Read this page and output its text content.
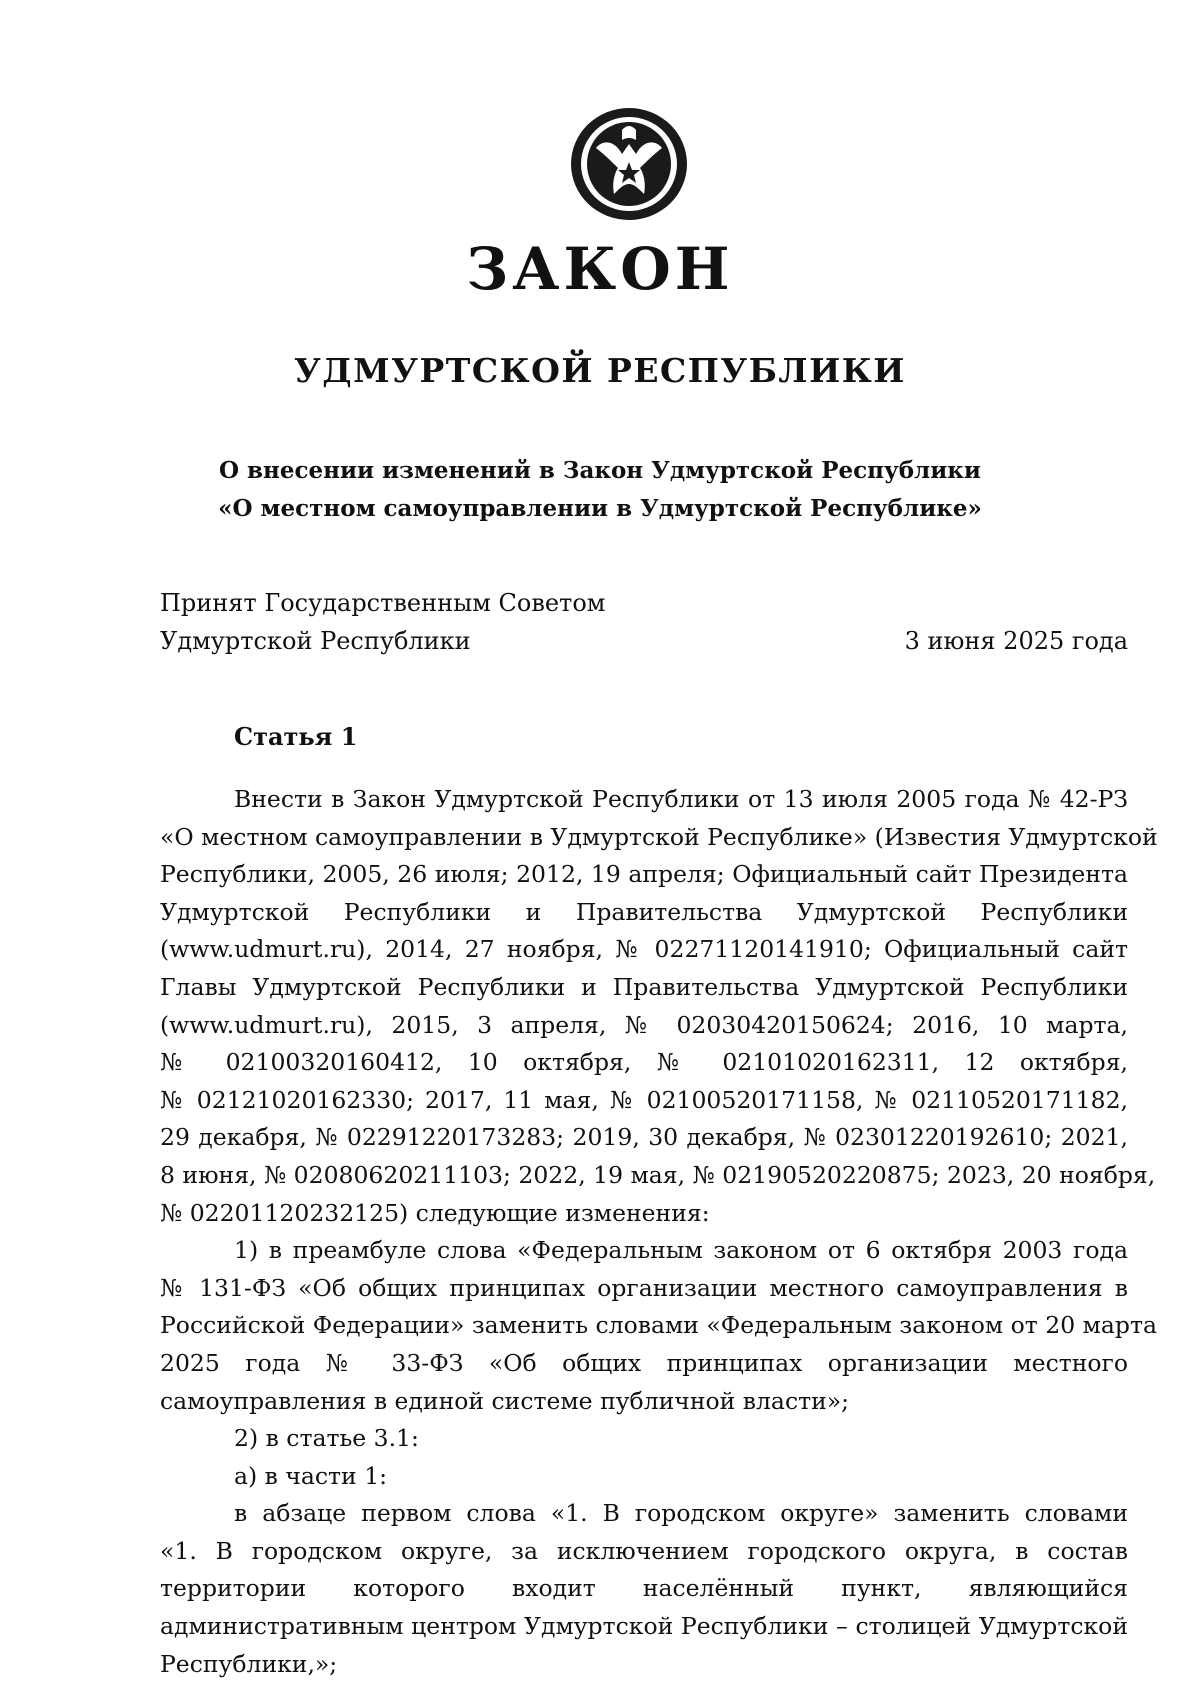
ЗАКОН
УДМУРТСКОЙ РЕСПУБЛИКИ
О внесении изменений в Закон Удмуртской Республики
«О местном самоуправлении в Удмуртской Республике»
Принят Государственным Советом
Удмуртской Республики	3 июня 2025 года
Статья 1
Внести в Закон Удмуртской Республики от 13 июля 2005 года № 42-РЗ
«О местном самоуправлении в Удмуртской Республике» (Известия Удмуртской
Республики, 2005, 26 июля; 2012, 19 апреля; Официальный сайт Президента
Удмуртской Республики и Правительства Удмуртской Республики
(www.udmurt.ru), 2014, 27 ноября, № 02271120141910; Официальный сайт
Главы Удмуртской Республики и Правительства Удмуртской Республики
(www.udmurt.ru), 2015, 3 апреля, № 02030420150624; 2016, 10 марта,
№ 02100320160412, 10 октября, № 02101020162311, 12 октября,
№ 02121020162330; 2017, 11 мая, № 02100520171158, № 02110520171182,
29 декабря, № 02291220173283; 2019, 30 декабря, № 02301220192610; 2021,
8 июня, № 02080620211103; 2022, 19 мая, № 02190520220875; 2023, 20 ноября,
№ 02201120232125) следующие изменения:
1) в преамбуле слова «Федеральным законом от 6 октября 2003 года
№ 131-ФЗ «Об общих принципах организации местного самоуправления в
Российской Федерации» заменить словами «Федеральным законом от 20 марта
2025 года № 33-ФЗ «Об общих принципах организации местного
самоуправления в единой системе публичной власти»;
2) в статье 3.1:
а) в части 1:
в абзаце первом слова «1. В городском округе» заменить словами
«1. В городском округе, за исключением городского округа, в состав
территории которого входит населённый пункт, являющийся
административным центром Удмуртской Республики – столицей Удмуртской
Республики,»;
